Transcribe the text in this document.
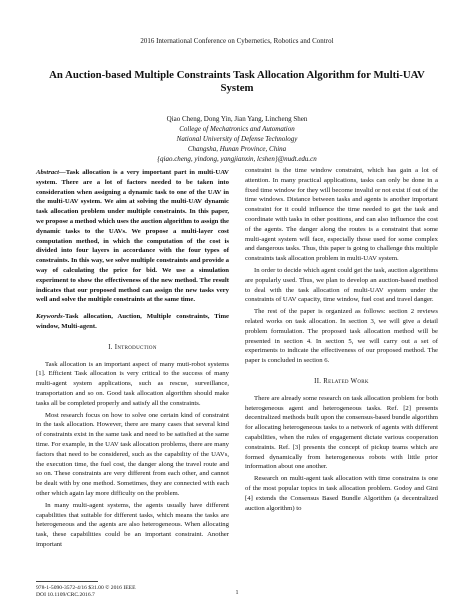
2016 International Conference on Cybernetics, Robotics and Control
An Auction-based Multiple Constraints Task Allocation Algorithm for Multi-UAV System
Qiao Cheng, Dong Yin, Jian Yang, Lincheng Shen
College of Mechatronics and Automation
National University of Defense Technology
Changsha, Hunan Province, China
{qiao.cheng, yindong, yangjianxin, lcshen}@nudt.edu.cn
Abstract—Task allocation is a very important part in multi-UAV system. There are a lot of factors needed to be taken into consideration when assigning a dynamic task to one of the UAV in the multi-UAV system. We aim at solving the multi-UAV dynamic task allocation problem under multiple constraints. In this paper, we propose a method which uses the auction algorithm to assign the dynamic tasks to the UAVs. We propose a multi-layer cost computation method, in which the computation of the cost is divided into four layers in accordance with the four types of constraints. In this way, we solve multiple constraints and provide a way of calculating the price for bid. We use a simulation experiment to show the effectiveness of the new method. The result indicates that our proposed method can assign the new tasks very well and solve the multiple constraints at the same time.
Keywords-Task allocation, Auction, Multiple constraints, Time window, Multi-agent.
I. Introduction

Task allocation is an important aspect of many muti-robot systems [1]. Efficient Task allocation is very critical to the success of many multi-agent system applications, such as rescue, surveillance, transportation and so on. Good task allocation algorithm should make tasks all be completed properly and satisfy all the constraints.

Most research focus on how to solve one certain kind of constraint in the task allocation. However, there are many cases that several kind of constraints exist in the same task and need to be satisfied at the same time. For example, in the UAV task allocation problems, there are many factors that need to be considered, such as the capability of the UAVs, the execution time, the fuel cost, the danger along the travel route and so on. These constraints are very different from each other, and cannot be dealt with by one method. Sometimes, they are connected with each other which again lay more difficulty on the problem.

In many multi-agent systems, the agents usually have different capabilities that suitable for different tasks, which means the tasks are heterogeneous and the agents are also heterogeneous. When allocating task, these capabilities could be an important constraint. Another important

constraint is the time window constraint, which has gain a lot of attention. In many practical applications, tasks can only be done in a fixed time window for they will become invalid or not exist if out of the time windows. Distance between tasks and agents is another important constraint for it could influence the time needed to get the task and coordinate with tasks in other positions, and can also influence the cost of the agents. The danger along the routes is a constraint that some multi-agent system will face, especially those used for some complex and dangerous tasks. Thus, this paper is going to challenge this multiple constraints task allocation problem in multi-UAV system.

In order to decide which agent could get the task, auction algorithms are popularly used. Thus, we plan to develop an auction-based method to deal with the task allocation of multi-UAV system under the constraints of UAV capacity, time window, fuel cost and travel danger.

The rest of the paper is organized as follows: section 2 reviews related works on task allocation. In section 3, we will give a detail problem formulation. The proposed task allocation method will be presented in section 4. In section 5, we will carry out a set of experiments to indicate the effectiveness of our proposed method. The paper is concluded in section 6.

II. Related Work

There are already some research on task allocation problem for both heterogeneous agent and heterogeneous tasks. Ref. [2] presents decentralized methods built upon the consensus-based bundle algorithm for allocating heterogeneous tasks to a network of agents with different capabilities, when the rules of engagement dictate various cooperation constraints. Ref. [3] presents the concept of pickup teams which are formed dynamically from heterogeneous robots with little prior information about one another.

Research on multi-agent task allocation with time constrains is one of the most popular topics in task allocation problem. Godoy and Gini [4] extends the Consensus Based Bundle Algorithm (a decentralized auction algorithm) to

978-1-5090-3572-4/16 $31.00 © 2016 IEEE
DOI 10.1109/CRC.2016.7	1
